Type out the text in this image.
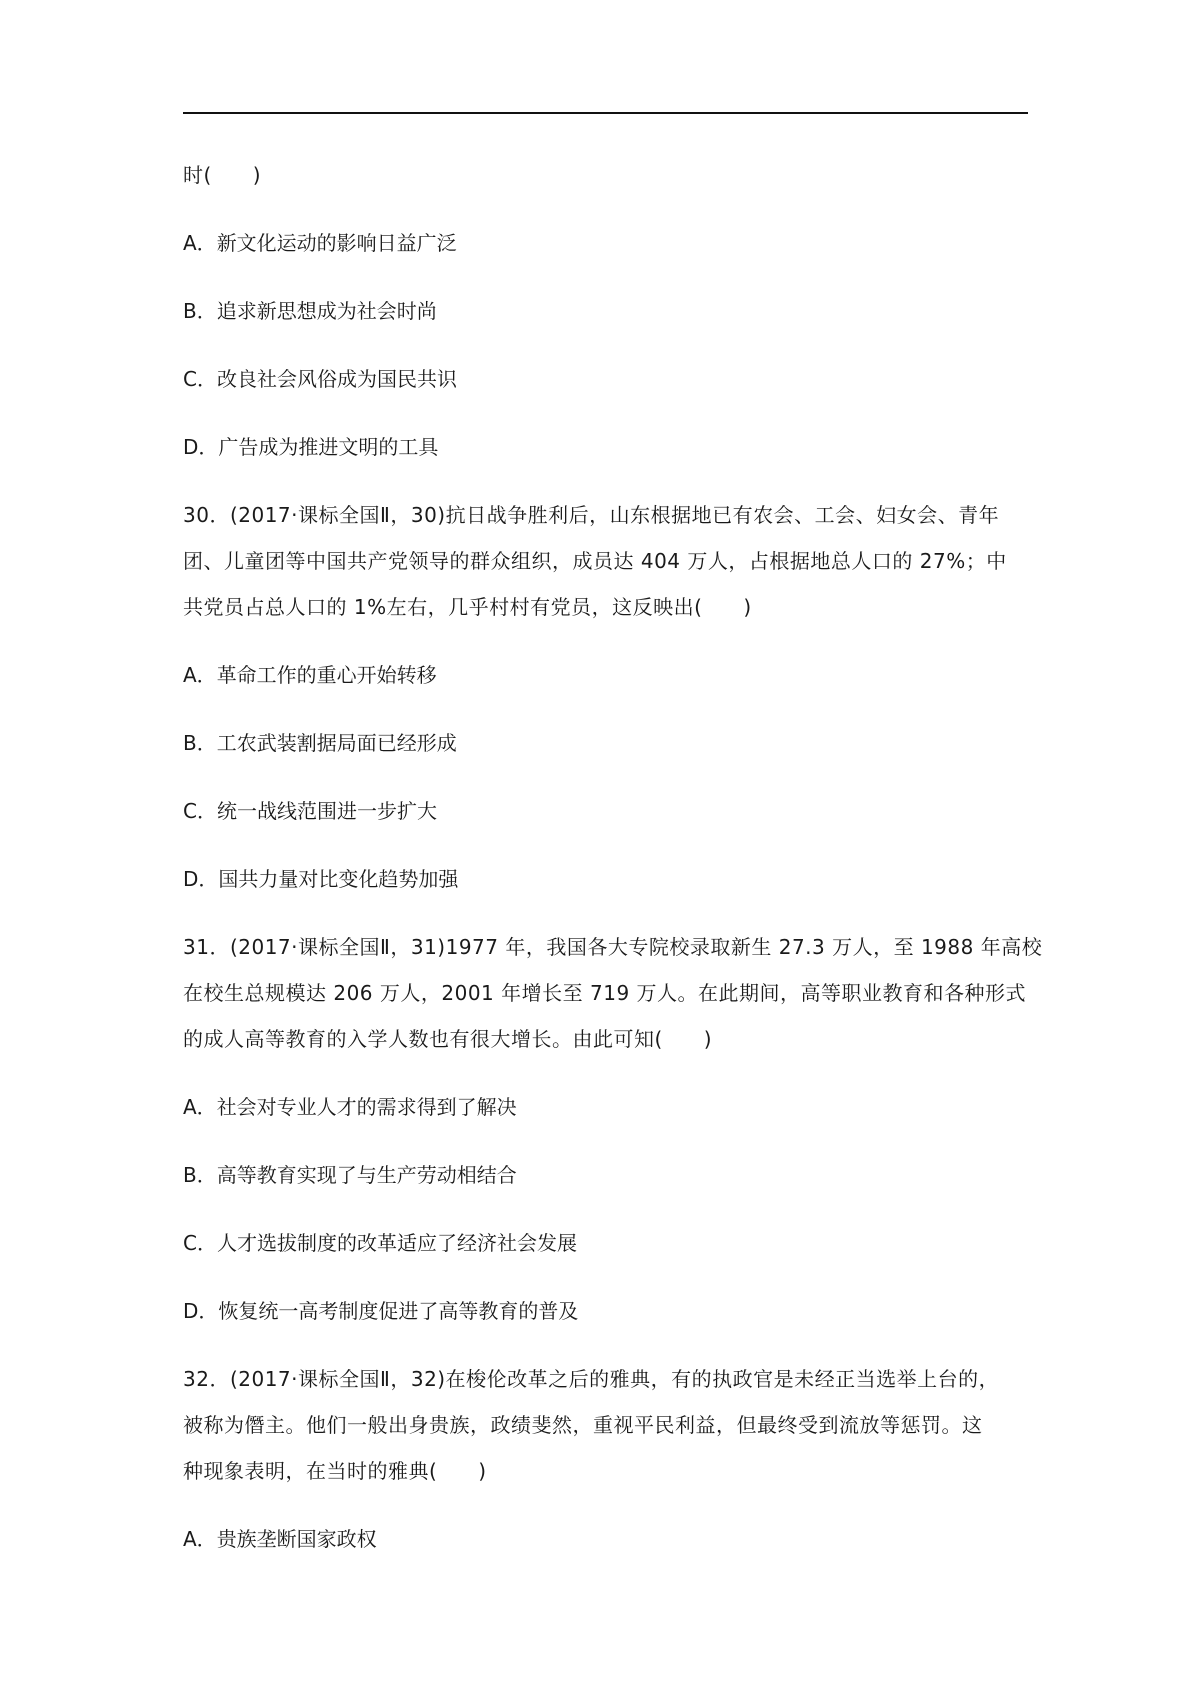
时(　　)
A．新文化运动的影响日益广泛
B．追求新思想成为社会时尚
C．改良社会风俗成为国民共识
D．广告成为推进文明的工具
30．(2017·课标全国Ⅱ，30)抗日战争胜利后，山东根据地已有农会、工会、妇女会、青年
团、儿童团等中国共产党领导的群众组织，成员达 404 万人，占根据地总人口的 27%；中
共党员占总人口的 1%左右，几乎村村有党员，这反映出(　　)
A．革命工作的重心开始转移
B．工农武装割据局面已经形成
C．统一战线范围进一步扩大
D．国共力量对比变化趋势加强
31．(2017·课标全国Ⅱ，31)1977 年，我国各大专院校录取新生 27.3 万人，至 1988 年高校
在校生总规模达 206 万人，2001 年增长至 719 万人。在此期间，高等职业教育和各种形式
的成人高等教育的入学人数也有很大增长。由此可知(　　)
A．社会对专业人才的需求得到了解决
B．高等教育实现了与生产劳动相结合
C．人才选拔制度的改革适应了经济社会发展
D．恢复统一高考制度促进了高等教育的普及
32．(2017·课标全国Ⅱ，32)在梭伦改革之后的雅典，有的执政官是未经正当选举上台的，
被称为僭主。他们一般出身贵族，政绩斐然，重视平民利益，但最终受到流放等惩罚。这
种现象表明，在当时的雅典(　　)
A．贵族垄断国家政权
